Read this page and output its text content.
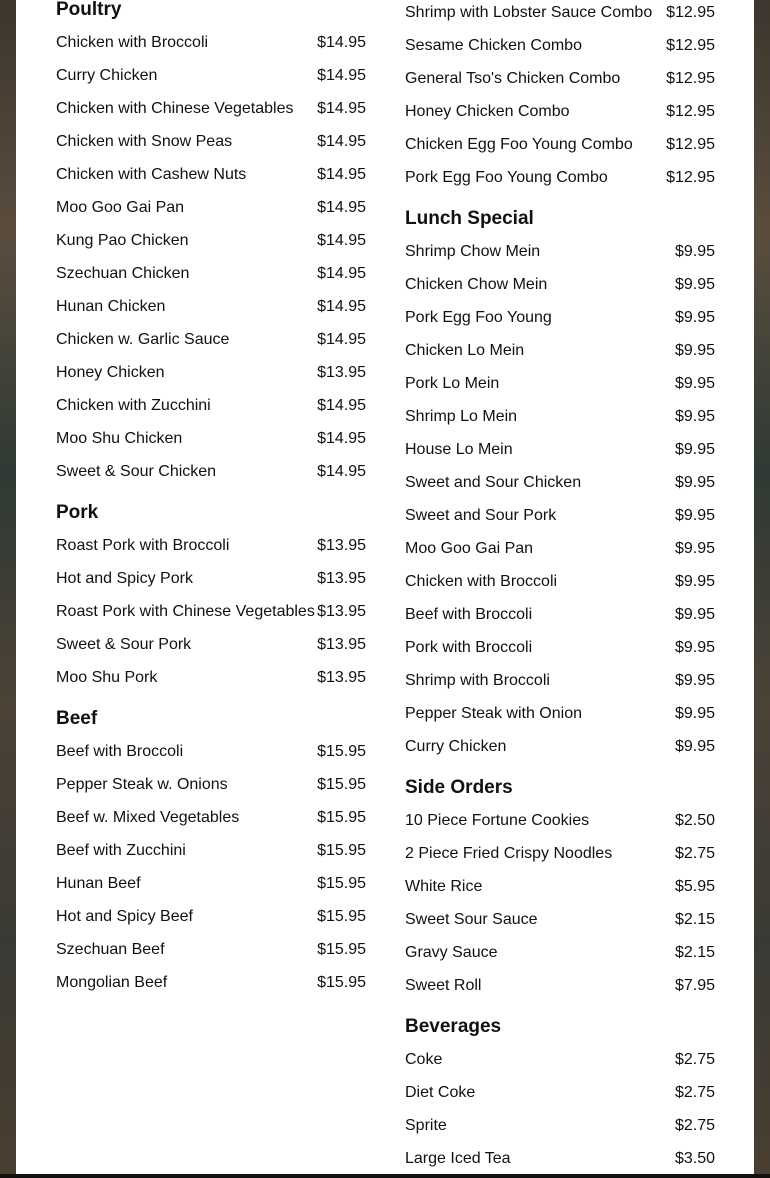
Poultry
Chicken with Broccoli	$14.95
Curry Chicken	$14.95
Chicken with Chinese Vegetables	$14.95
Chicken with Snow Peas	$14.95
Chicken with Cashew Nuts	$14.95
Moo Goo Gai Pan	$14.95
Kung Pao Chicken	$14.95
Szechuan Chicken	$14.95
Hunan Chicken	$14.95
Chicken w. Garlic Sauce	$14.95
Honey Chicken	$13.95
Chicken with Zucchini	$14.95
Moo Shu Chicken	$14.95
Sweet & Sour Chicken	$14.95
Pork
Roast Pork with Broccoli	$13.95
Hot and Spicy Pork	$13.95
Roast Pork with Chinese Vegetables $13.95
Sweet & Sour Pork	$13.95
Moo Shu Pork	$13.95
Beef
Beef with Broccoli	$15.95
Pepper Steak w. Onions	$15.95
Beef w. Mixed Vegetables	$15.95
Beef with Zucchini	$15.95
Hunan Beef	$15.95
Hot and Spicy Beef	$15.95
Szechuan Beef	$15.95
Mongolian Beef	$15.95
Shrimp with Lobster Sauce Combo $12.95
Sesame Chicken Combo	$12.95
General Tso's Chicken Combo	$12.95
Honey Chicken Combo	$12.95
Chicken Egg Foo Young Combo	$12.95
Pork Egg Foo Young Combo	$12.95
Lunch Special
Shrimp Chow Mein	$9.95
Chicken Chow Mein	$9.95
Pork Egg Foo Young	$9.95
Chicken Lo Mein	$9.95
Pork Lo Mein	$9.95
Shrimp Lo Mein	$9.95
House Lo Mein	$9.95
Sweet and Sour Chicken	$9.95
Sweet and Sour Pork	$9.95
Moo Goo Gai Pan	$9.95
Chicken with Broccoli	$9.95
Beef with Broccoli	$9.95
Pork with Broccoli	$9.95
Shrimp with Broccoli	$9.95
Pepper Steak with Onion	$9.95
Curry Chicken	$9.95
Side Orders
10 Piece Fortune Cookies	$2.50
2 Piece Fried Crispy Noodles	$2.75
White Rice	$5.95
Sweet Sour Sauce	$2.15
Gravy Sauce	$2.15
Sweet Roll	$7.95
Beverages
Coke	$2.75
Diet Coke	$2.75
Sprite	$2.75
Large Iced Tea	$3.50
